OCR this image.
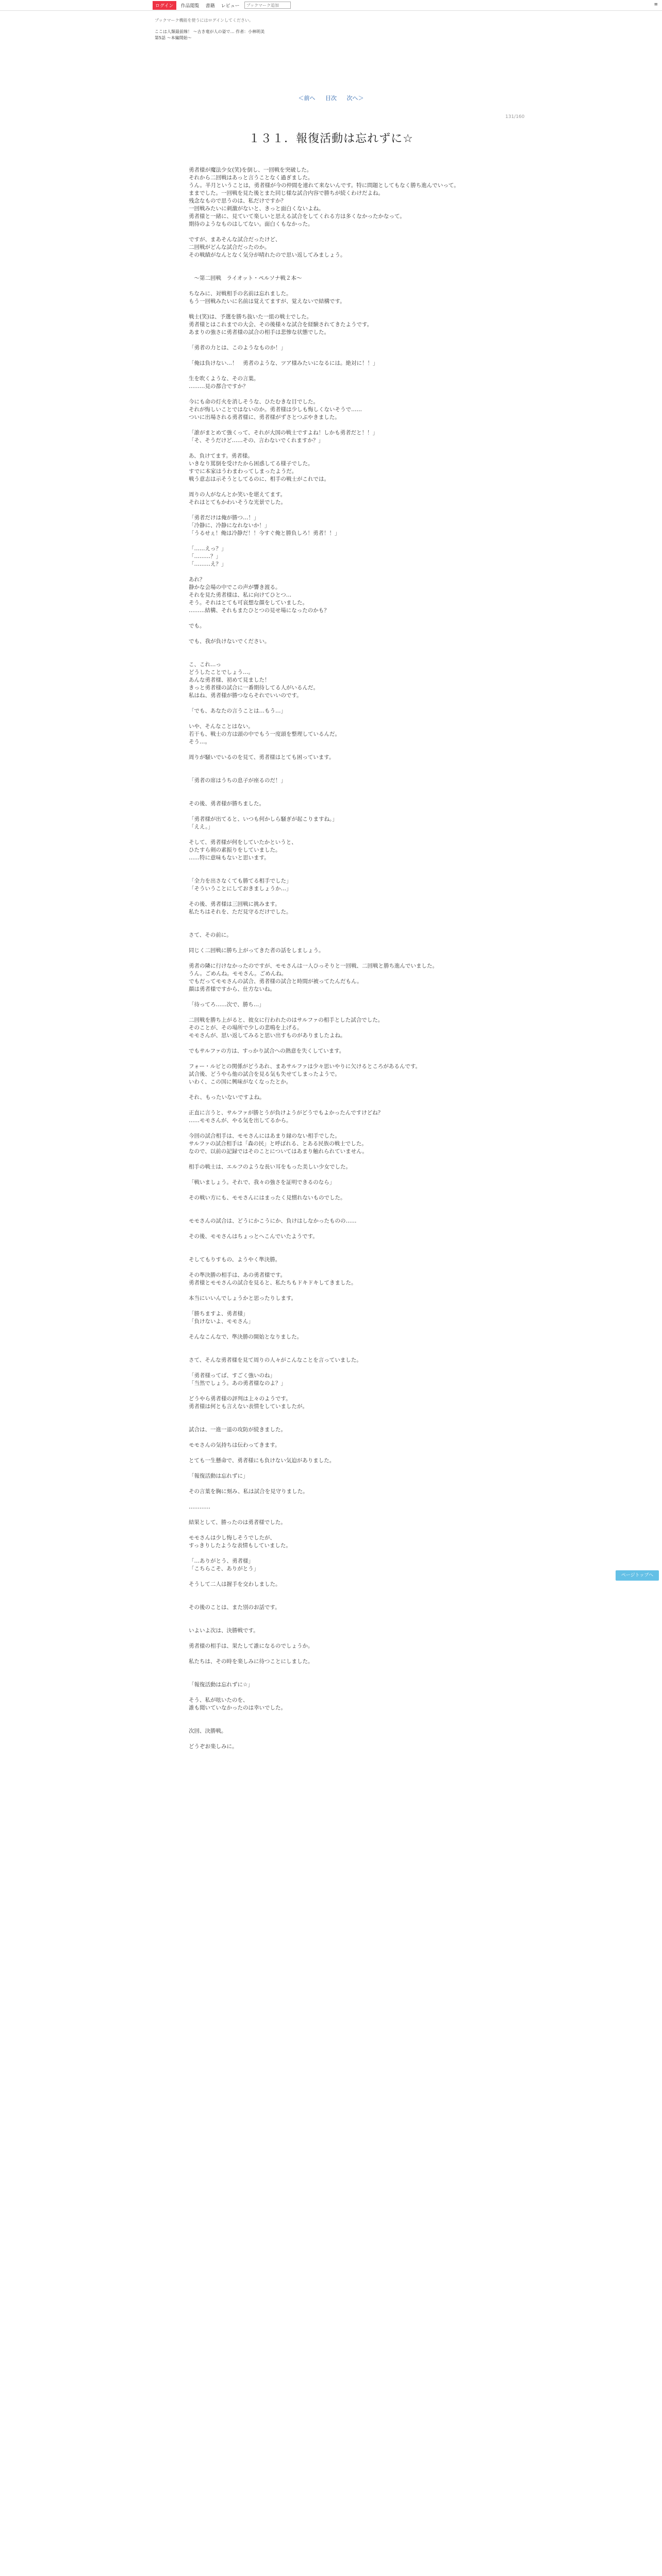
ログイン	作品閲覧	書籍	レビュー
ブックマーク追加	≡
ブックマーク機能を使うにはログインしてください。
ここは人類最前線！ 〜古き竜が人の姿で… 作者：小林明美
第5話 〜本編開始〜
＜前へ 目次 次へ＞
131/160
１３１．報復活動は忘れずに☆
勇者様が魔法少女(笑)を倒し、一回戦を突破した。
それから二回戦はあっと言うことなく過ぎました。
うん。半月ということは，勇者様が今の仲間を連れて来ないんです。特に問題としてもなく勝ち進んでいって。
ままでした。一回戦を見た後とまた同じ様な試合内容で勝ちが続くわけだよね。
残念なもので思うのは、私だけですか？
一回戦みたいに刺激がないと、きっと面白くないよね。
勇者様と一緒に、見ていて楽しいと思える試合をしてくれる方は多くなかったかなって。
期待のようなものはしてない。面白くもなかった。

ですが、まあそんな試合だったけど、
二回戦がどんな試合だったのか。
その戦績がなんとなく気分が晴れたので思い返してみましょう。

　〜第二回戦　ライオット・ペルソナ戦２本〜

ちなみに、対戦相手の名前は忘れました。
もう一回戦みたいに名前は覚えてますが、覚えないで結構です。

戦士(笑)は、予選を勝ち抜いた一組の戦士でした。
勇者様とはこれまでの大会、その後様々な試合を経験されてきたようです。
あまりの強さに勇者様の試合の相手は悲惨な状態でした。

「勇者の力とは、このようなものか！」

「俺は負けない…！　勇者のような、ツア様みたいになるには。絶対に！！」

生を吹くような、その言葉。
………見の都合ですか？

今にも命の灯火を消しそうな、ひたむきな目でした。
それが悔しいことではないのか。勇者様は少しも悔しくないそうで……
ついに出場される勇者様に、勇者様がずさとつぶやきました。

「誰がまとめて強くって、それが大国の戦士ですよね！しかも勇者だと！！」
「そ、そうだけど……その、言わないでくれますか？」

あ、負けてます。勇者様。
いきなり罵倒を受けたから困惑してる様子でした。
すでに本家はうわまわってしまったようだ。
戦う意志は示そうとしてるのに、相手の戦士がこれでは。

周りの人がなんとか笑いを堪えてます。
それはとてもかわいそうな光景でした。

「勇者だけは俺が勝つ…！」
「冷静に、冷静になれないか！」
「うるせぇ！俺は冷静だ！！今すぐ俺と勝負しろ！勇者！！」

「……えっ？」
「………？」
「………え？」

あれ？
静かな会場の中でこの声が響き渡る。
それを見た勇者様は、私に向けてひとつ…
そう。それはとても可哀想な顔をしていました。
………結構、それもまたひとつの見せ場になったのかも？

でも。

でも、我が負けないでください。

こ、これ…っ
どうしたことでしょう…。
あんな勇者様、初めて見ました！
きっと勇者様の試合に一番期待してる人がいるんだ。
私はね、勇者様が勝つならそれでいいのです。

「でも、あなたの言うことは…もう…」

いや、そんなことはない。
若干も、戦士の方は頭の中でもう一度頭を整理しているんだ。
そう…。

周りが騒いでいるのを見て、勇者様はとても困っています。

「勇者の席はうちの息子が座るのだ！」

その後、勇者様が勝ちました。

「勇者様が出てると、いつも何かしら騒ぎが起こりますね。」
「ええ。」

そして、勇者様が何をしていたかというと、
ひたすら剣の素振りをしていました。
……特に意味もないと思います。

「全力を出さなくても勝てる相手でした」
「そういうことにしておきましょうか…」

その後、勇者様は三回戦に挑みます。
私たちはそれを、ただ見守るだけでした。

さて、その前に。

同じく二回戦に勝ち上がってきた者の話をしましょう。

勇者の隣に行けなかったのですが、モモさんは一人ひっそりと一回戦、二回戦と勝ち進んでいました。
うん。ごめんね。モモさん。ごめんね。
でもだってモモさんの試合、勇者様の試合と時間が被ってたんだもん。
顔は勇者様ですから、仕方ないね。

「待ってろ……次で、勝ち…」

二回戦を勝ち上がると、彼女に行われたのはサルファの相手とした試合でした。
そのことが、その場所で少しの悲鳴を上げる。
モモさんが、思い返してみると思い出すものがありましたよね。

でもサルファの方は、すっかり試合への熱意を失くしています。

フォー・ルビとの関係がどうあれ、まあサルファは少々思いやりに欠けるところがあるんです。
試合後、どうやら他の試合を見る気も失せてしまったようで。
いわく、この国に興味がなくなったとか。

それ、もったいないですよね。

正直に言うと、サルファが勝とうが負けようがどうでもよかったんですけどね？
……モモさんが、やる気を出してるから。

今回の試合相手は、モモさんにはあまり縁のない相手でした。
サルファの試合相手は「森の民」と呼ばれる、とある民族の戦士でした。
なので、以前の記録ではそのことについてはあまり触れられていません。

相手の戦士は、エルフのような長い耳をもった美しい少女でした。

「戦いましょう。それで、我々の強さを証明できるのなら」

その戦い方にも、モモさんにはまったく見慣れないものでした。

モモさんの試合は、どうにかこうにか、負けはしなかったものの……

その後、モモさんはちょっとへこんでいたようです。

そしてもりすもの、ようやく準決勝。

その準決勝の相手は、あの勇者様です。
勇者様とモモさんの試合を見ると、私たちもドキドキしてきました。

本当にいいんでしょうかと思ったりします。

「勝ちますよ、勇者様」
「負けないよ、モモさん」

そんなこんなで、準決勝の開始となりました。

さて、そんな勇者様を見て周りの人々がこんなことを言っていました。

「勇者様ってば、すごく強いのね」
「当然でしょう。あの勇者様なのよ？」

どうやら勇者様の評判は上々のようです。
勇者様は何とも言えない表情をしていましたが。

試合は、一進一退の攻防が続きました。

モモさんの気持ちは伝わってきます。

とても一生懸命で、勇者様にも負けない気迫がありました。

「報復活動は忘れずに」

その言葉を胸に刻み、私は試合を見守りました。

…………

結果として、勝ったのは勇者様でした。

モモさんは少し悔しそうでしたが、
すっきりしたような表情もしていました。

「…ありがとう、勇者様」
「こちらこそ、ありがとう」

そうして二人は握手を交わしました。

その後のことは、また別のお話です。

いよいよ次は、決勝戦です。

勇者様の相手は、果たして誰になるのでしょうか。

私たちは、その時を楽しみに待つことにしました。

「報復活動は忘れずに☆」

そう、私が呟いたのを、
誰も聞いていなかったのは幸いでした。

次回、決勝戦。

どうぞお楽しみに。
ページトップへ
